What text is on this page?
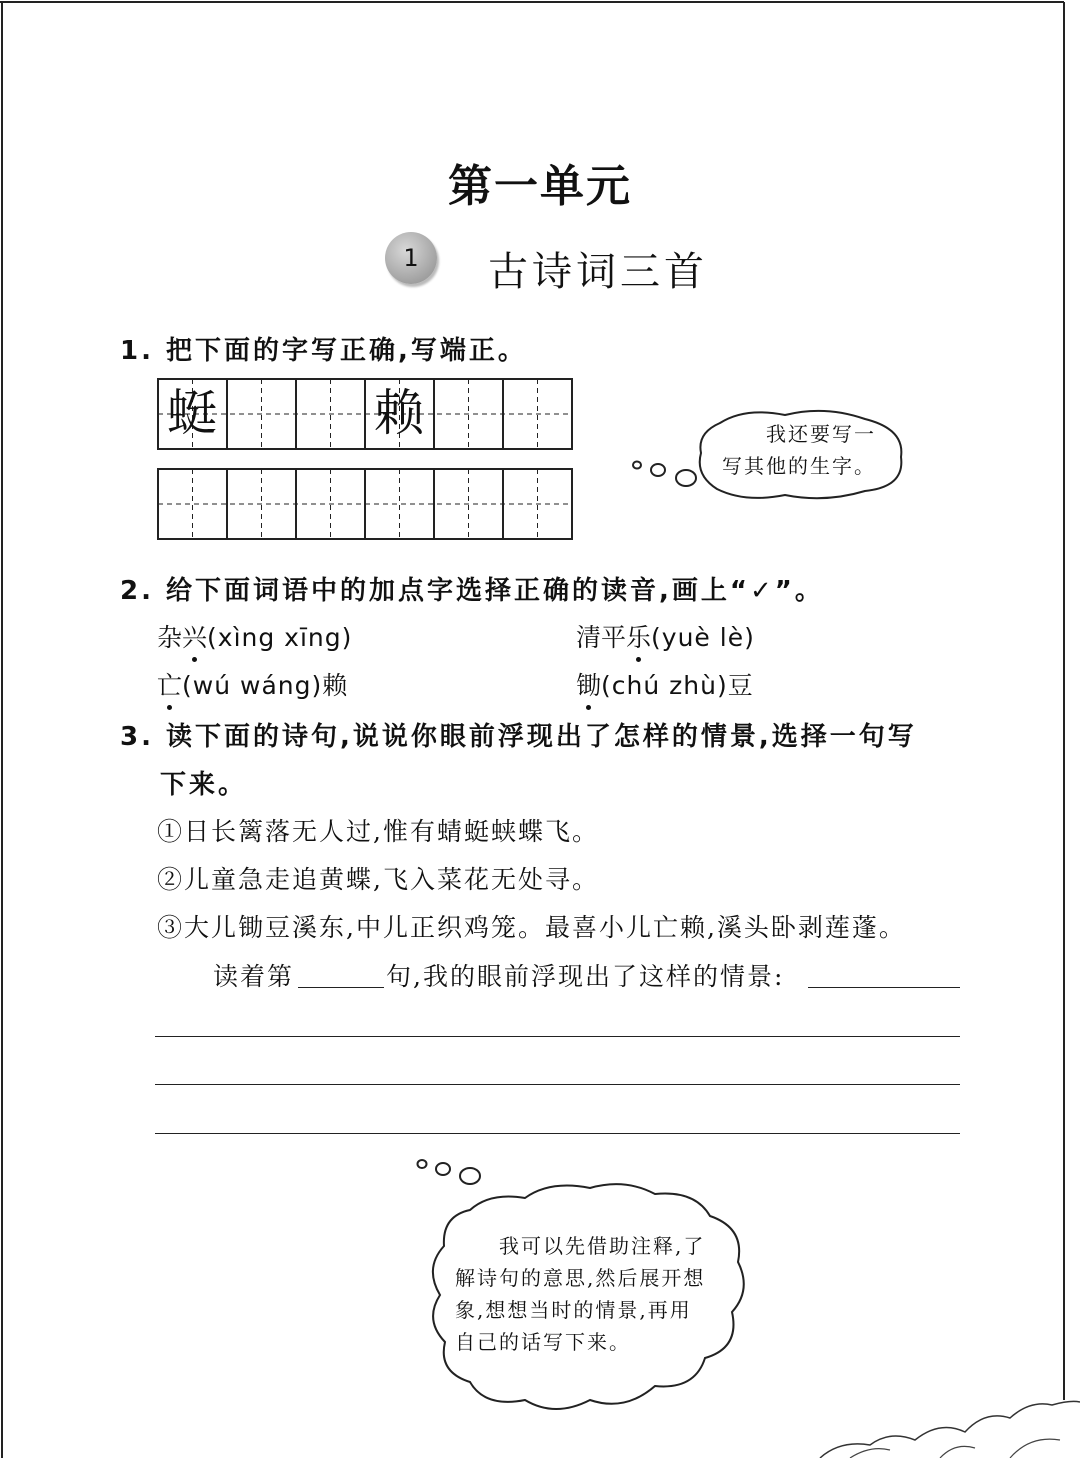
第一单元
1	古诗词三首
1. 把下面的字写正确,写端正。
蜓	赖	我还要写一
写其他的生字。
2. 给下面词语中的加点字选择正确的读音,画上“✓”。
杂兴(xìng xīng)	清平乐(yuè lè)
亡(wú wáng)赖	锄(chú zhù)豆
3. 读下面的诗句,说说你眼前浮现出了怎样的情景,选择一句写
下来。
①日长篱落无人过,惟有蜻蜓蛱蝶飞。
②儿童急走追黄蝶,飞入菜花无处寻。
③大儿锄豆溪东,中儿正织鸡笼。最喜小儿亡赖,溪头卧剥莲蓬。
读着第	句,我的眼前浮现出了这样的情景:
我可以先借助注释,了
解诗句的意思,然后展开想
象,想想当时的情景,再用
自己的话写下来。
